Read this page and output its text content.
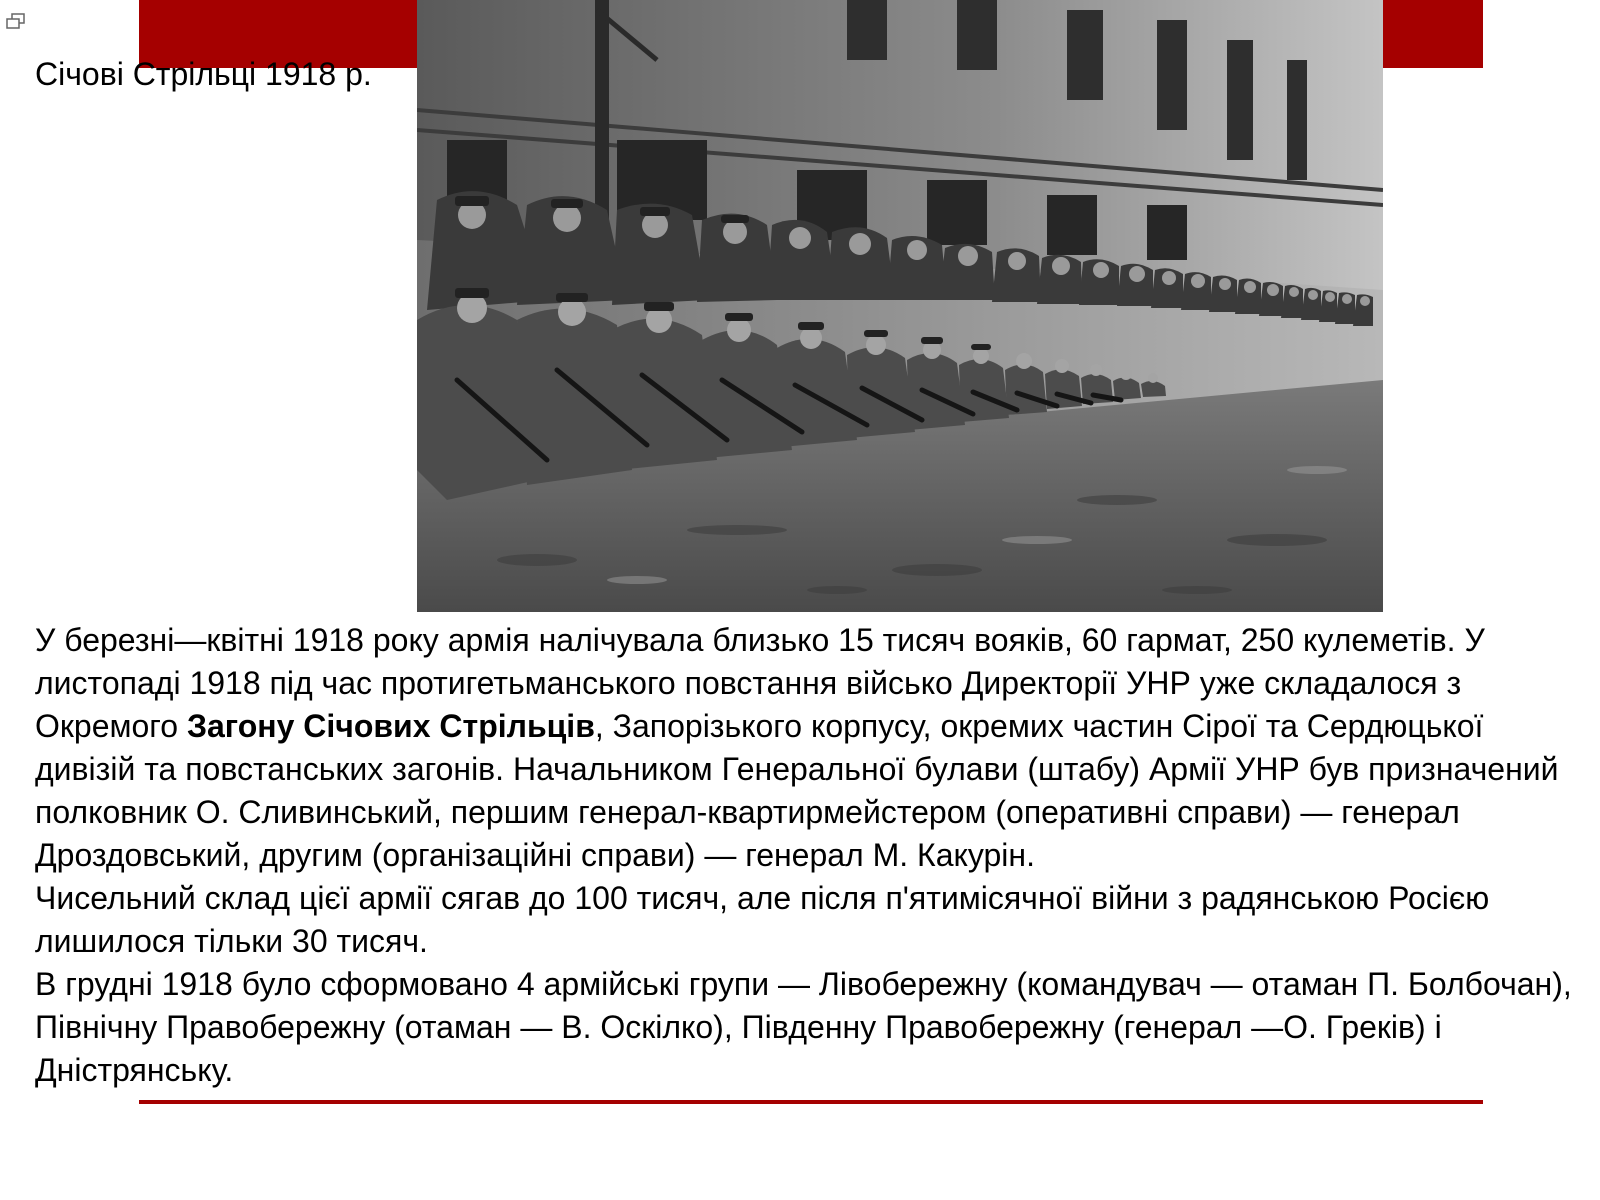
Січові Стрільці 1918 р.

У березні—квітні 1918 року армія налічувала близько 15 тисяч вояків, 60 гармат, 250 кулеметів. У листопаді 1918 під час протигетьманського повстання військо Директорії УНР уже складалося з Окремого Загону Січових Стрільців, Запорізького корпусу, окремих частин Сірої та Сердюцької дивізій та повстанських загонів. Начальником Генеральної булави (штабу) Армії УНР був призначений полковник О. Сливинський, першим генерал-квартирмейстером (оперативні справи) — генерал Дроздовський, другим (організаційні справи) — генерал М. Какурін.

Чисельний склад цієї армії сягав до 100 тисяч, але після п'ятимісячної війни з радянською Росією лишилося тільки 30 тисяч.

В грудні 1918 було сформовано 4 армійські групи — Лівобережну (командувач — отаман П. Болбочан), Північну Правобережну (отаман — В. Оскілко), Південну Правобережну (генерал —О. Греків) і Дністрянську.
